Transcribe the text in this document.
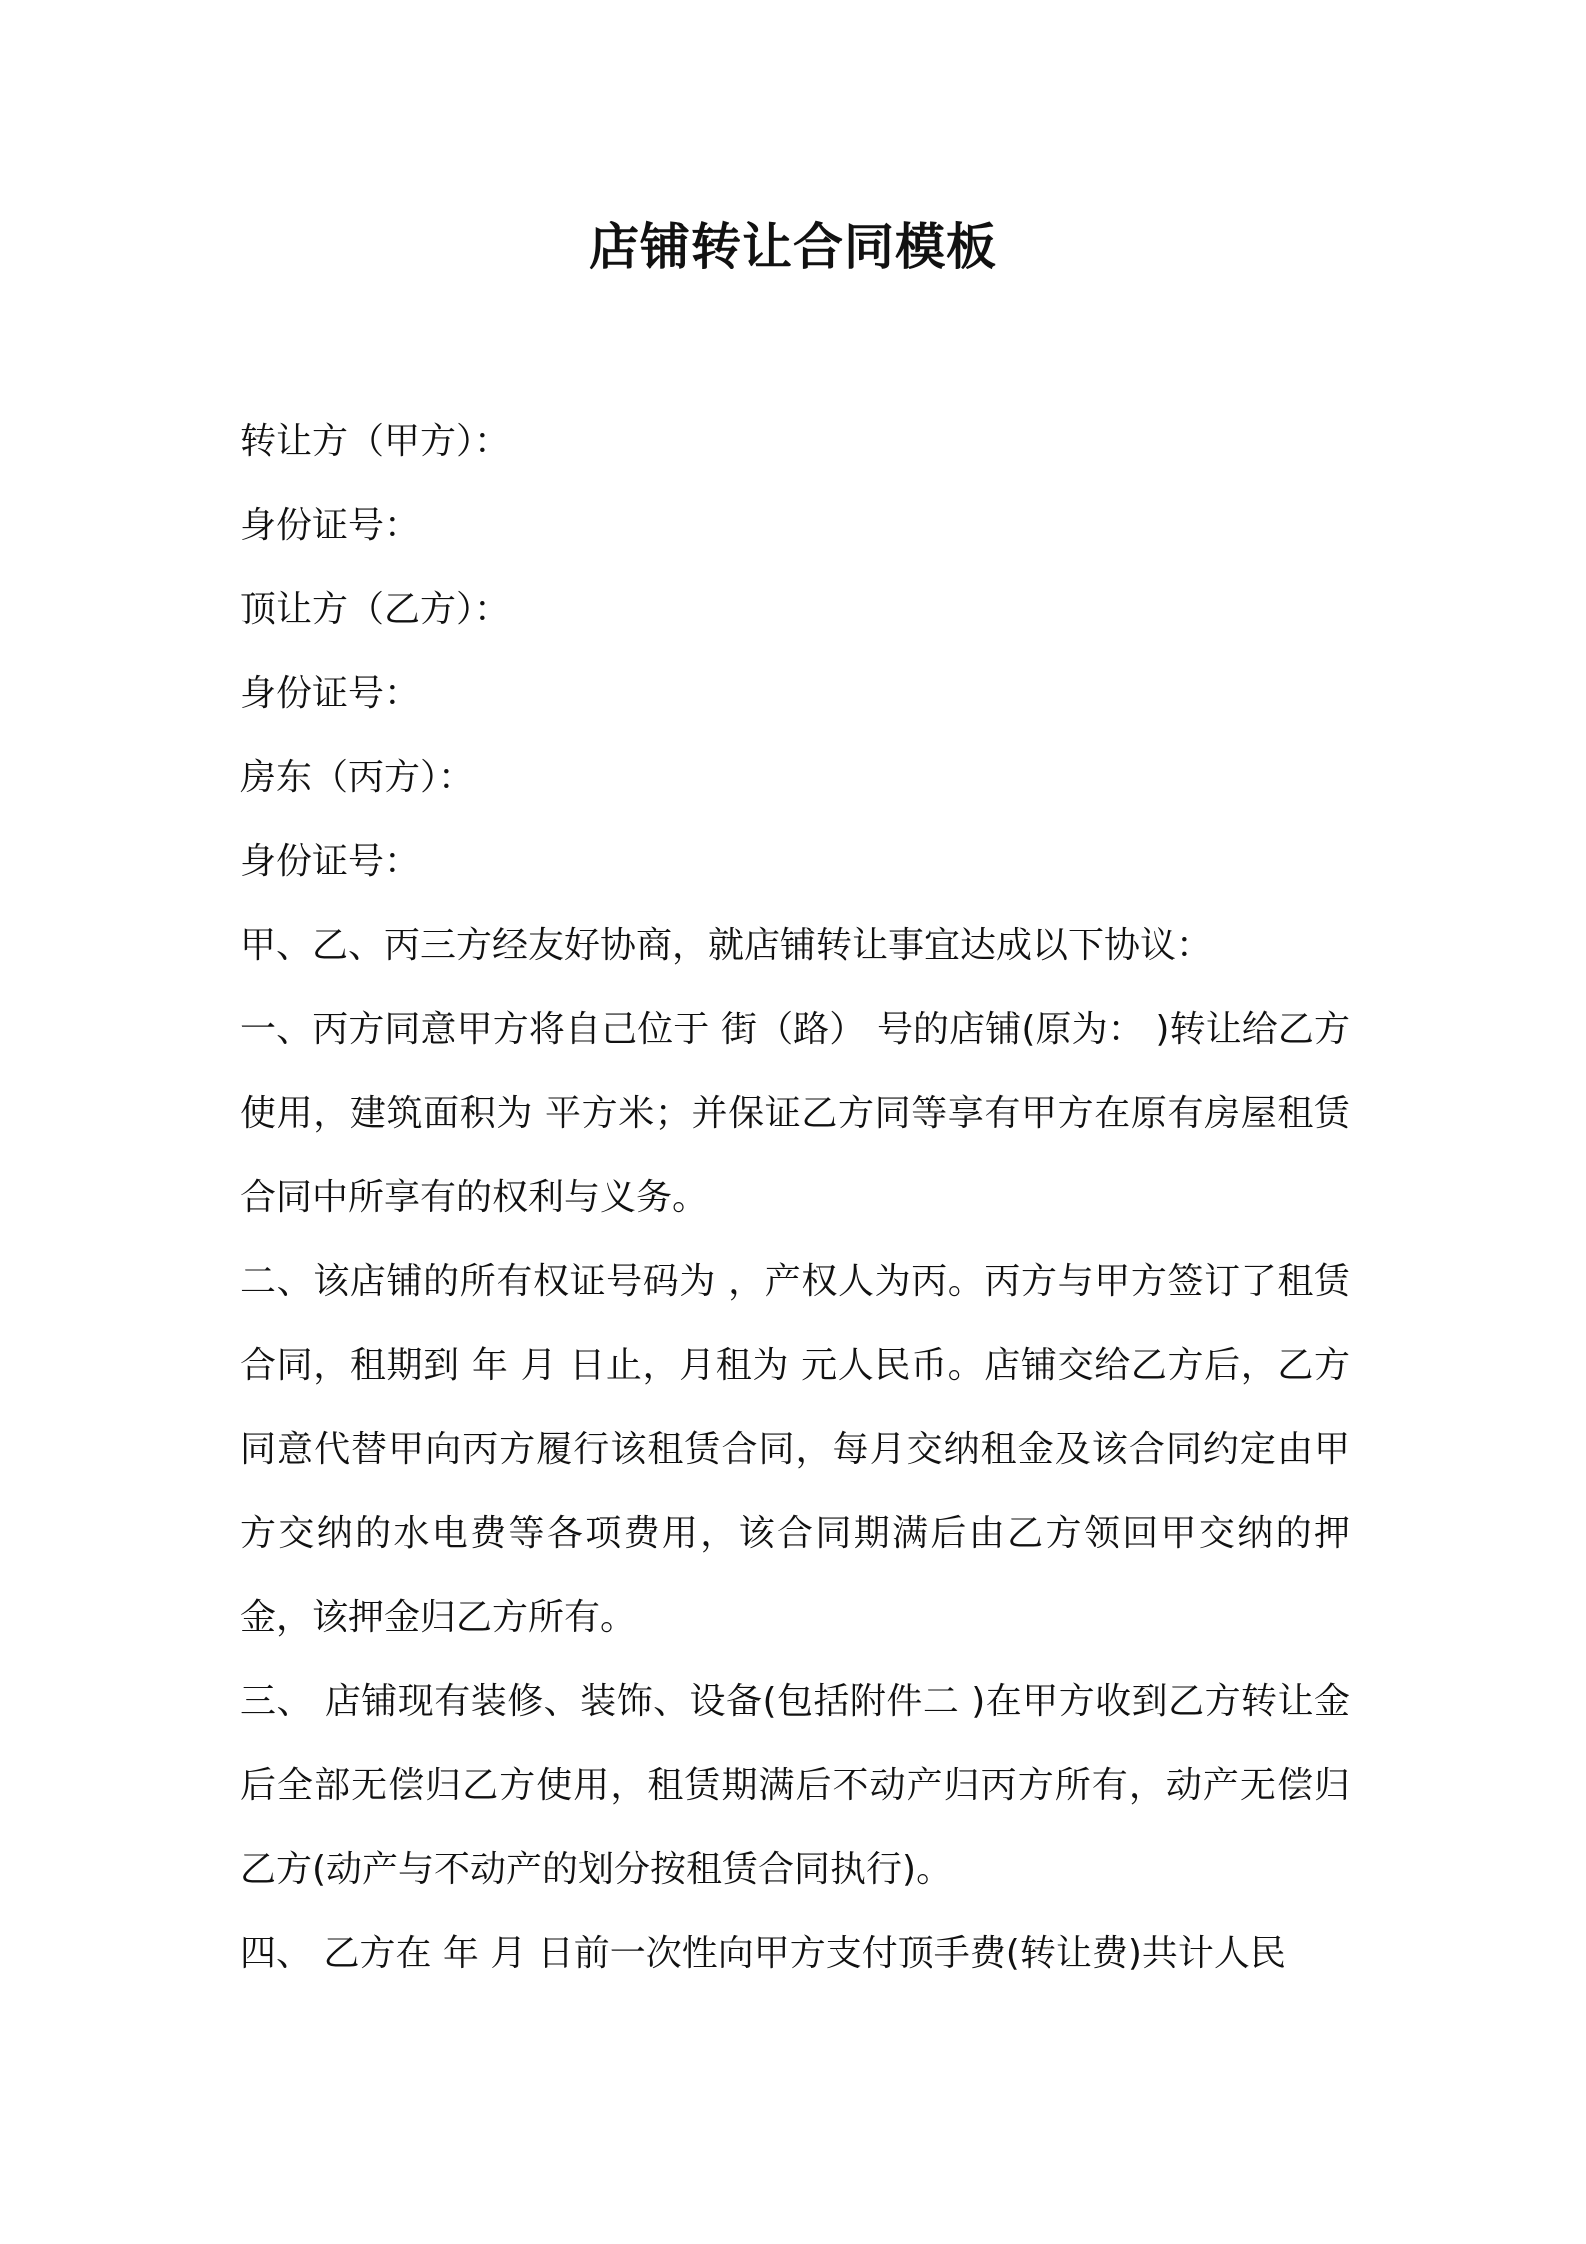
店铺转让合同模板
转让方（甲方）：
身份证号：
顶让方（乙方）：
身份证号：
房东（丙方）：
身份证号：
甲、乙、丙三方经友好协商，就店铺转让事宜达成以下协议：
一、丙方同意甲方将自己位于 街（路） 号的店铺(原为： )转让给乙方使用，建筑面积为 平方米；并保证乙方同等享有甲方在原有房屋租赁合同中所享有的权利与义务。
二、该店铺的所有权证号码为 ，产权人为丙。丙方与甲方签订了租赁合同，租期到 年 月 日止，月租为 元人民币。店铺交给乙方后，乙方同意代替甲向丙方履行该租赁合同，每月交纳租金及该合同约定由甲方交纳的水电费等各项费用，该合同期满后由乙方领回甲交纳的押金，该押金归乙方所有。
三、 店铺现有装修、装饰、设备(包括附件二 )在甲方收到乙方转让金后全部无偿归乙方使用，租赁期满后不动产归丙方所有，动产无偿归乙方(动产与不动产的划分按租赁合同执行)。
四、 乙方在 年 月 日前一次性向甲方支付顶手费(转让费)共计人民
